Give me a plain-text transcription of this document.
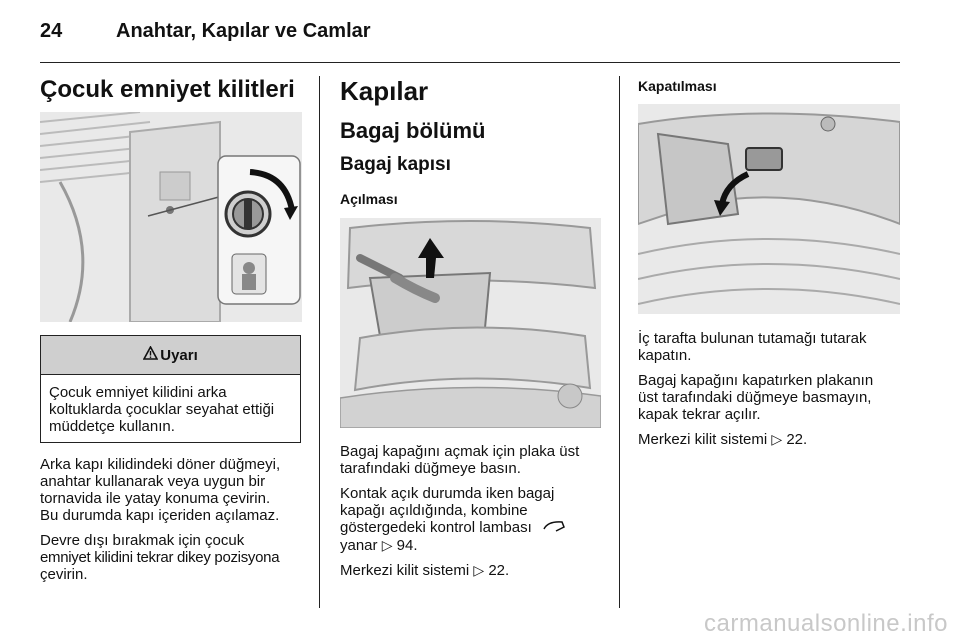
24	Anahtar, Kapılar ve Camlar
Çocuk emniyet kilitleri
Uyarı
Çocuk emniyet kilidini arka
koltuklarda çocuklar seyahat ettiği
müddetçe kullanın.

Arka kapı kilidindeki döner düğmeyi,

anahtar kullanarak veya uygun bir

tornavida ile yatay konuma çevirin.

Bu durumda kapı içeriden açılamaz.

Devre dışı bırakmak için çocuk

emniyet kilidini tekrar dikey pozisyona

çevirin.

Kapılar
Bagaj bölümü
Bagaj kapısı
Açılması

Bagaj kapağını açmak için plaka üst

tarafındaki düğmeye basın.

Kontak açık durumda iken bagaj

kapağı açıldığında, kombine

göstergedeki kontrol lambası

yanar ▷ 94.

Merkezi kilit sistemi ▷ 22.

Kapatılması

İç tarafta bulunan tutamağı tutarak

kapatın.

Bagaj kapağını kapatırken plakanın

üst tarafındaki düğmeye basmayın,

kapak tekrar açılır.

Merkezi kilit sistemi ▷ 22.

carmanualsonline.info
